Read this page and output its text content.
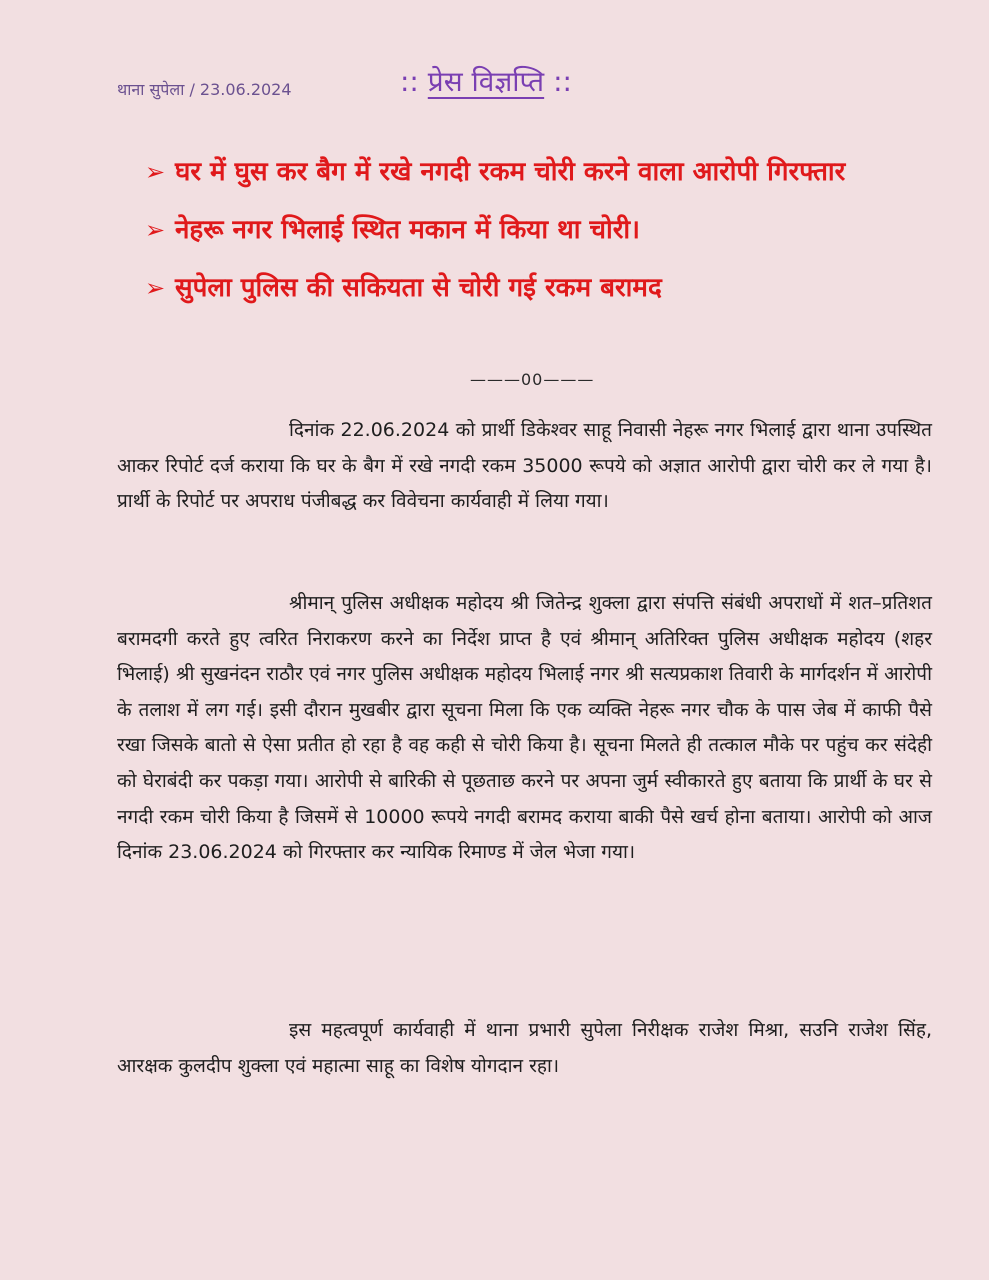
थाना सुपेला / 23.06.2024	:: प्रेस विज्ञप्ति ::
➢ घर में घुस कर बैग में रखे नगदी रकम चोरी करने वाला आरोपी गिरफ्तार
➢ नेहरू नगर भिलाई स्थित मकान में किया था चोरी।
➢ सुपेला पुलिस की सकियता से चोरी गई रकम बरामद
———00———

दिनांक 22.06.2024 को प्रार्थी डिकेश्वर साहू निवासी नेहरू नगर भिलाई द्वारा थाना उपस्थित आकर रिपोर्ट दर्ज कराया कि घर के बैग में रखे नगदी रकम 35000 रूपये को अज्ञात आरोपी द्वारा चोरी कर ले गया है। प्रार्थी के रिपोर्ट पर अपराध पंजीबद्ध कर विवेचना कार्यवाही में लिया गया।

श्रीमान् पुलिस अधीक्षक महोदय श्री जितेन्द्र शुक्ला द्वारा संपत्ति संबंधी अपराधों में शत–प्रतिशत बरामदगी करते हुए त्वरित निराकरण करने का निर्देश प्राप्त है एवं श्रीमान् अतिरिक्त पुलिस अधीक्षक महोदय (शहर भिलाई) श्री सुखनंदन राठौर एवं नगर पुलिस अधीक्षक महोदय भिलाई नगर श्री सत्यप्रकाश तिवारी के मार्गदर्शन में आरोपी के तलाश में लग गई। इसी दौरान मुखबीर द्वारा सूचना मिला कि एक व्यक्ति नेहरू नगर चौक के पास जेब में काफी पैसे रखा जिसके बातो से ऐसा प्रतीत हो रहा है वह कही से चोरी किया है। सूचना मिलते ही तत्काल मौके पर पहुंच कर संदेही को घेराबंदी कर पकड़ा गया। आरोपी से बारिकी से पूछताछ करने पर अपना जुर्म स्वीकारते हुए बताया कि प्रार्थी के घर से नगदी रकम चोरी किया है जिसमें से 10000 रूपये नगदी बरामद कराया बाकी पैसे खर्च होना बताया। आरोपी को आज दिनांक 23.06.2024 को गिरफ्तार कर न्यायिक रिमाण्ड में जेल भेजा गया।

इस महत्वपूर्ण कार्यवाही में थाना प्रभारी सुपेला निरीक्षक राजेश मिश्रा, सउनि राजेश सिंह, आरक्षक कुलदीप शुक्ला एवं महात्मा साहू का विशेष योगदान रहा।
